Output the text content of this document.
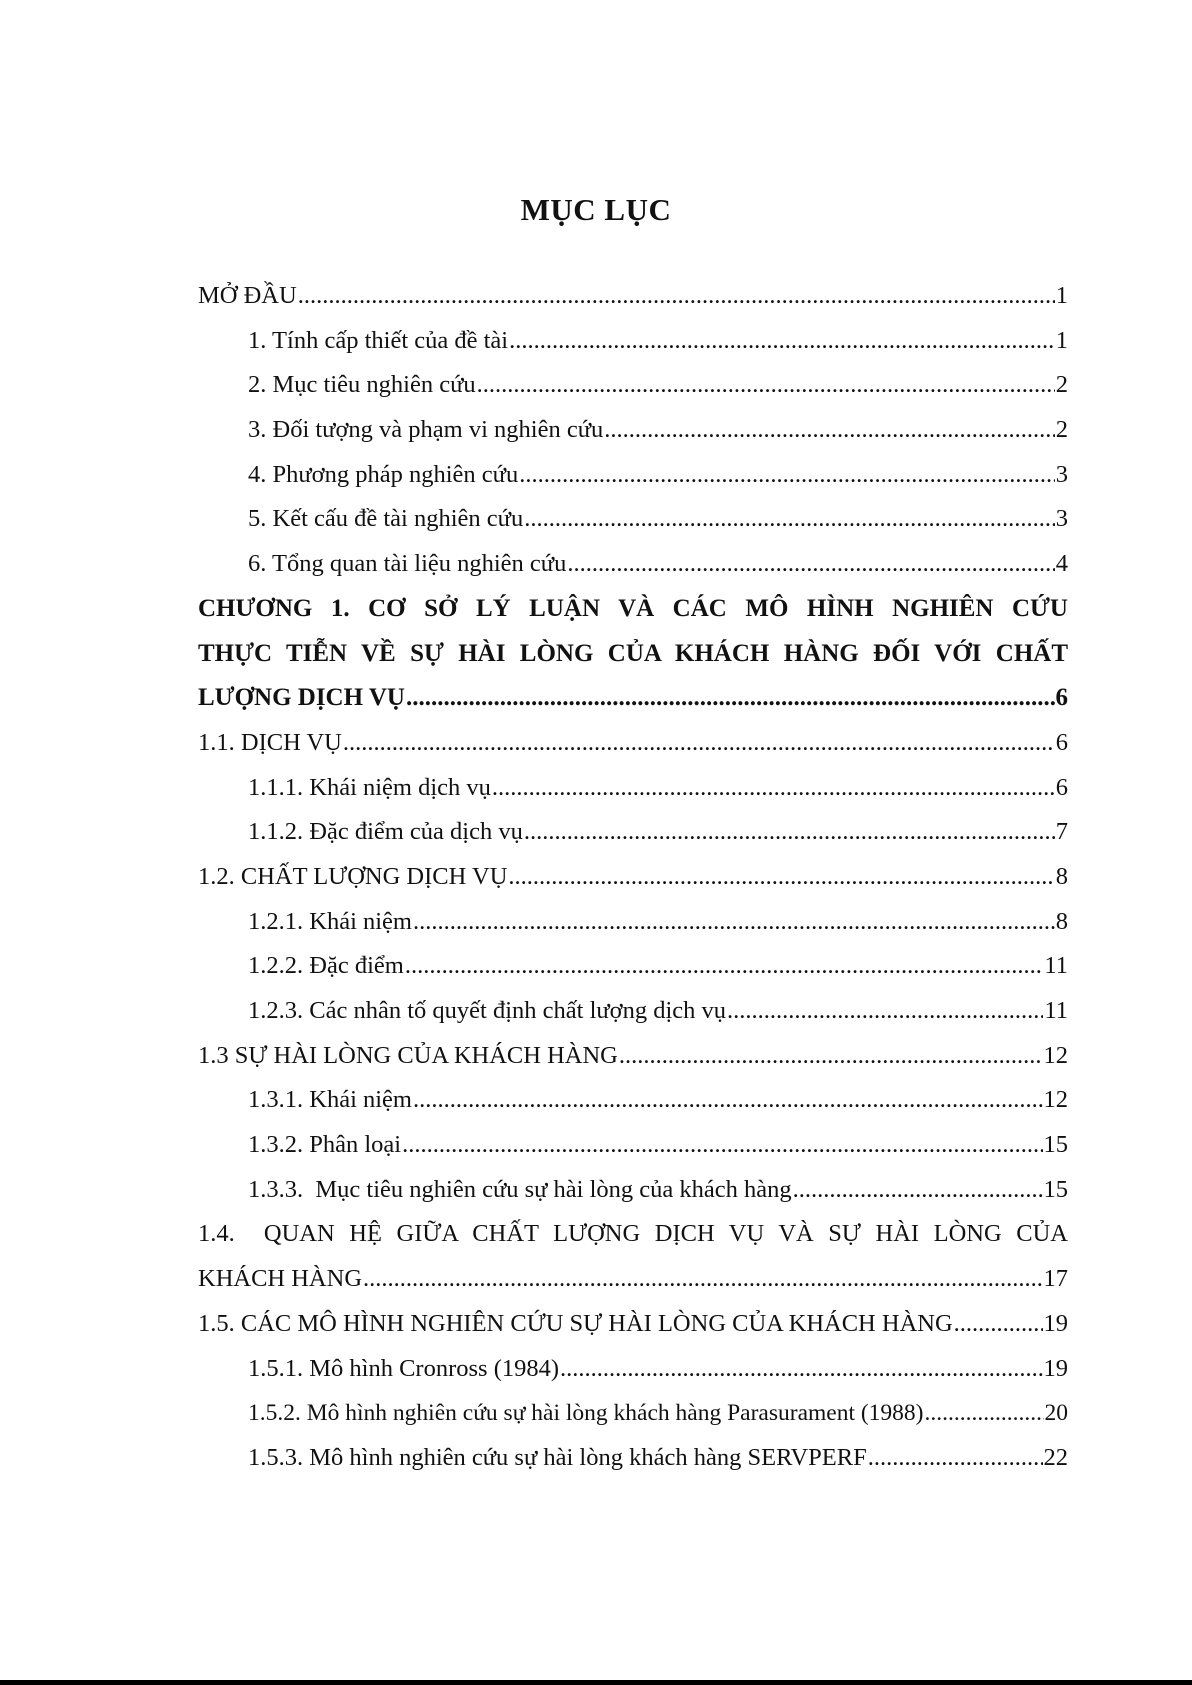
MỤC LỤC
MỞ ĐẦU .....	1
1. Tính cấp thiết của đề tài .....	1
2. Mục tiêu nghiên cứu .....	2
3. Đối tượng và phạm vi nghiên cứu .....	2
4. Phương pháp nghiên cứu .....	3
5. Kết cấu đề tài nghiên cứu .....	3
6. Tổng quan tài liệu nghiên cứu .....	4
CHƯƠNG 1. CƠ SỞ LÝ LUẬN VÀ CÁC MÔ HÌNH NGHIÊN CỨU
THỰC TIỄN VỀ SỰ HÀI LÒNG CỦA KHÁCH HÀNG ĐỐI VỚI CHẤT
LƯỢNG DỊCH VỤ .....	6
1.1. DỊCH VỤ .....	6
1.1.1. Khái niệm dịch vụ .....	6
1.1.2. Đặc điểm của dịch vụ .....	7
1.2. CHẤT LƯỢNG DỊCH VỤ .....	8
1.2.1. Khái niệm .....	8
1.2.2. Đặc điểm .....	11
1.2.3. Các nhân tố quyết định chất lượng dịch vụ .....	11
1.3 SỰ HÀI LÒNG CỦA KHÁCH HÀNG .....	12
1.3.1. Khái niệm .....	12
1.3.2. Phân loại .....	15
1.3.3.  Mục tiêu nghiên cứu sự hài lòng của khách hàng .....	15
1.4.  QUAN HỆ GIỮA CHẤT LƯỢNG DỊCH VỤ VÀ SỰ HÀI LÒNG CỦA
KHÁCH HÀNG .....	17
1.5. CÁC MÔ HÌNH NGHIÊN CỨU SỰ HÀI LÒNG CỦA KHÁCH HÀNG .....	19
1.5.1. Mô hình Cronross (1984) .....	19
1.5.2. Mô hình nghiên cứu sự hài lòng khách hàng Parasurament (1988) .....	20
1.5.3. Mô hình nghiên cứu sự hài lòng khách hàng SERVPERF .....	22
